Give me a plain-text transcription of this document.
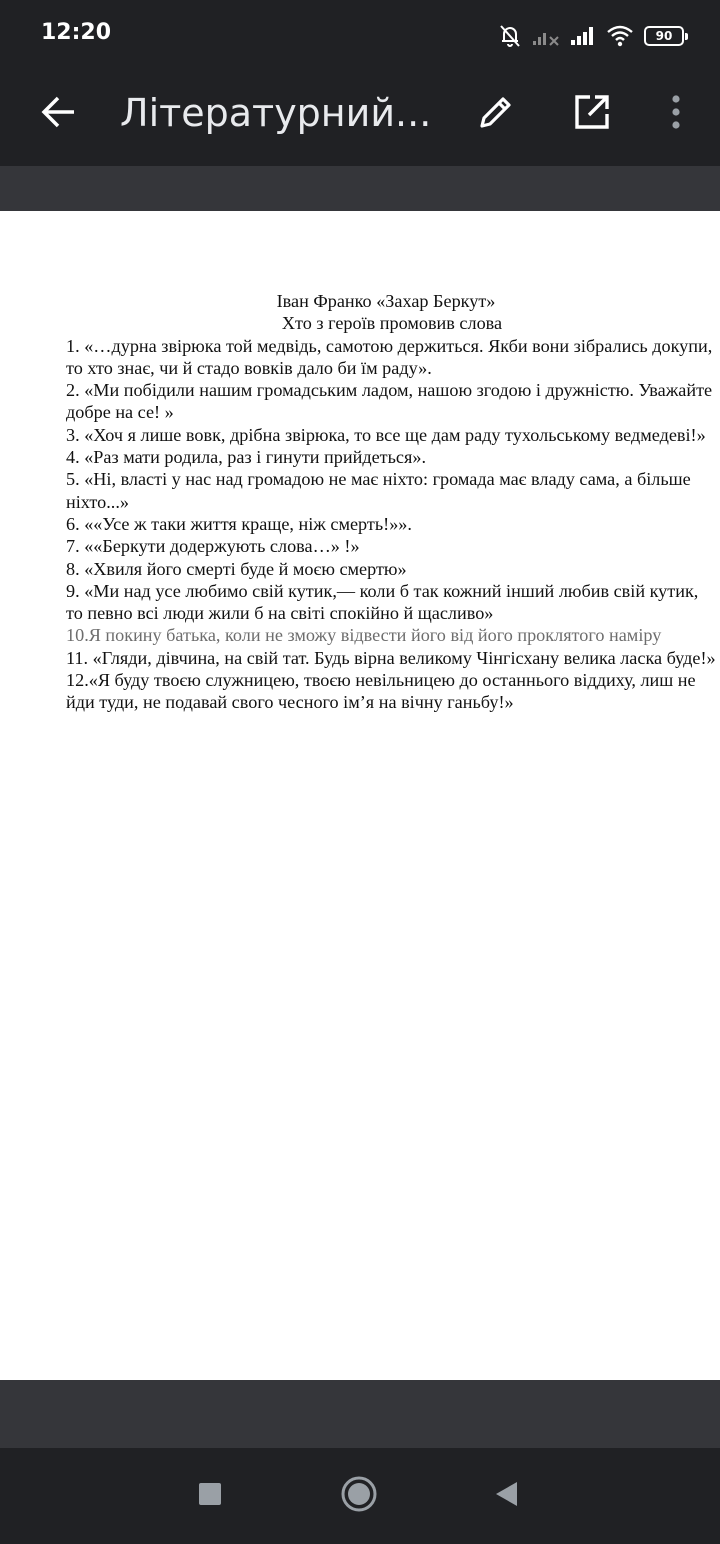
12:20	90
Літературний...

Іван Франко «Захар Беркут»

Хто з героїв промовив слова

1. «…дурна звірюка той медвідь, самотою держиться. Якби вони зібрались докупи, то хто знає, чи й стадо вовків дало би їм раду».

2. «Ми побідили нашим громадським ладом, нашою згодою і дружністю. Уважайте добре на се! »

3. «Хоч я лише вовк, дрібна звірюка, то все ще дам раду тухольському ведмедеві!»

4. «Раз мати родила, раз і гинути прийдеться».

5. «Ні, власті у нас над громадою не має ніхто: громада має владу сама, а більше ніхто...»

6. ««Усе ж таки життя краще, ніж смерть!»».

7. ««Беркути додержують слова…» !»

8. «Хвиля його смерті буде й моєю смертю»

9. «Ми над усе любимо свій кутик,— коли б так кожний інший любив свій кутик, то певно всі люди жили б на світі спокійно й щасливо»

10.Я покину батька, коли не зможу відвести його від його проклятого наміру

11. «Гляди, дівчина, на свій тат. Будь вірна великому Чінгісхану велика ласка буде!»

12.«Я буду твоєю служницею, твоєю невільницею до останнього віддиху, лиш не йди туди, не подавай свого чесного ім’я на вічну ганьбу!»
